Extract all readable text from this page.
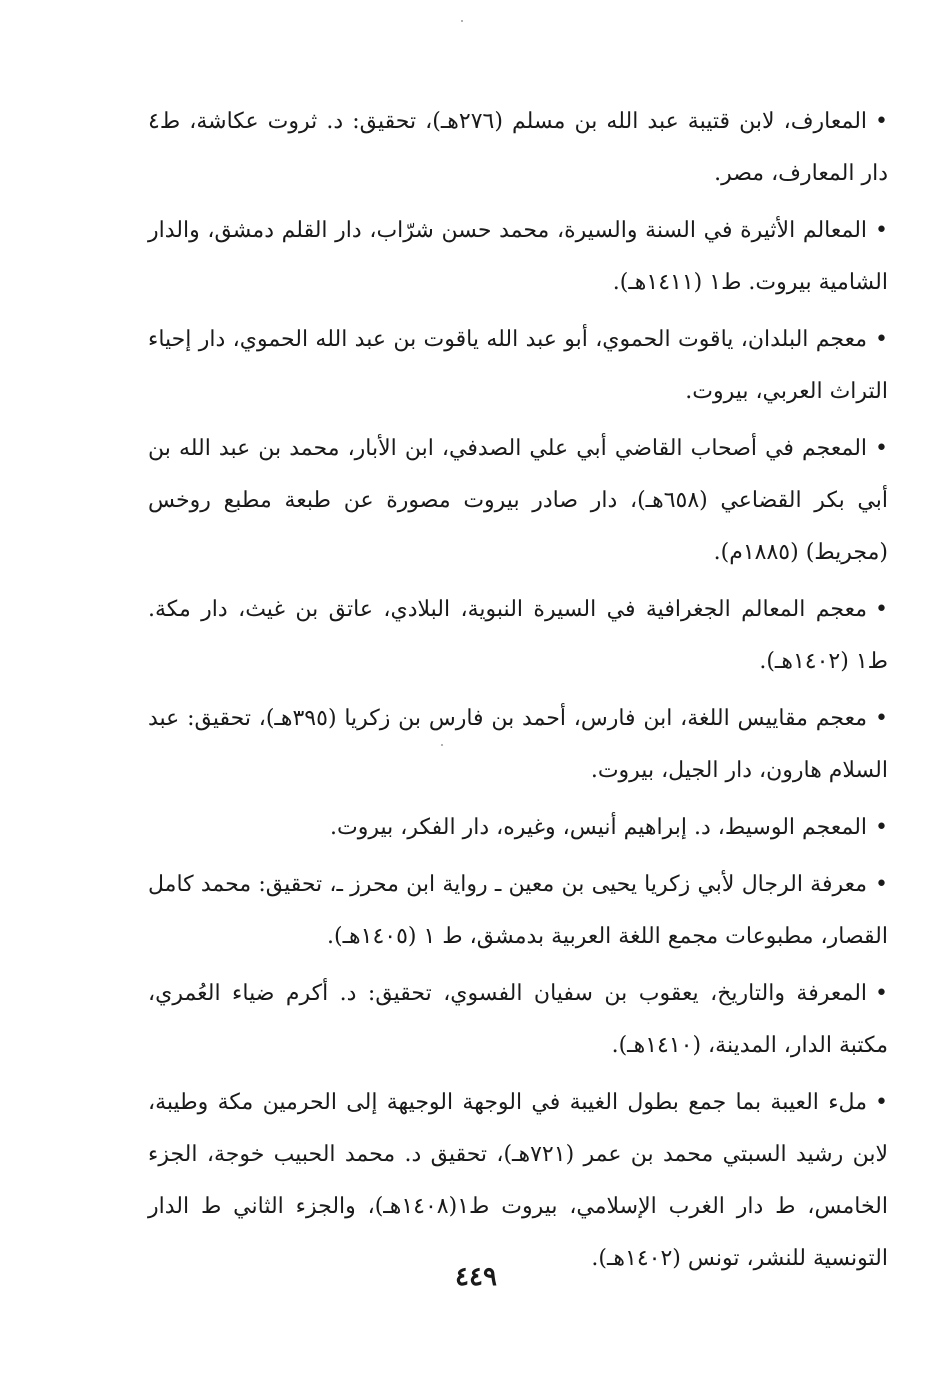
•المعارف، لابن قتيبة عبد الله بن مسلم (٢٧٦هـ)، تحقيق: د. ثروت عكاشة، ط٤ دار المعارف، مصر.

•المعالم الأثيرة في السنة والسيرة، محمد حسن شرّاب، دار القلم دمشق، والدار الشامية بيروت. ط١ (١٤١١هـ).

•معجم البلدان، ياقوت الحموي، أبو عبد الله ياقوت بن عبد الله الحموي، دار إحياء التراث العربي، بيروت.

•المعجم في أصحاب القاضي أبي علي الصدفي، ابن الأبار، محمد بن عبد الله بن أبي بكر القضاعي (٦٥٨هـ)، دار صادر بيروت مصورة عن طبعة مطبع روخس (مجريط) (١٨٨٥م).

•معجم المعالم الجغرافية في السيرة النبوية، البلادي، عاتق بن غيث، دار مكة. ط١ (١٤٠٢هـ).

•معجم مقاييس اللغة، ابن فارس، أحمد بن فارس بن زكريا (٣٩٥هـ)، تحقيق: عبد السلام هارون، دار الجيل، بيروت.

•المعجم الوسيط، د. إبراهيم أنيس، وغيره، دار الفكر، بيروت.

•معرفة الرجال لأبي زكريا يحيى بن معين ـ رواية ابن محرز ـ، تحقيق: محمد كامل القصار، مطبوعات مجمع اللغة العربية بدمشق، ط ١ (١٤٠٥هـ).

•المعرفة والتاريخ، يعقوب بن سفيان الفسوي، تحقيق: د. أكرم ضياء العُمري، مكتبة الدار، المدينة، (١٤١٠هـ).

•ملء العيبة بما جمع بطول الغيبة في الوجهة الوجيهة إلى الحرمين مكة وطيبة، لابن رشيد السبتي محمد بن عمر (٧٢١هـ)، تحقيق د. محمد الحبيب خوجة، الجزء الخامس، ط دار الغرب الإسلامي، بيروت ط١(١٤٠٨هـ)، والجزء الثاني ط الدار التونسية للنشر، تونس (١٤٠٢هـ).

٤٤٩
